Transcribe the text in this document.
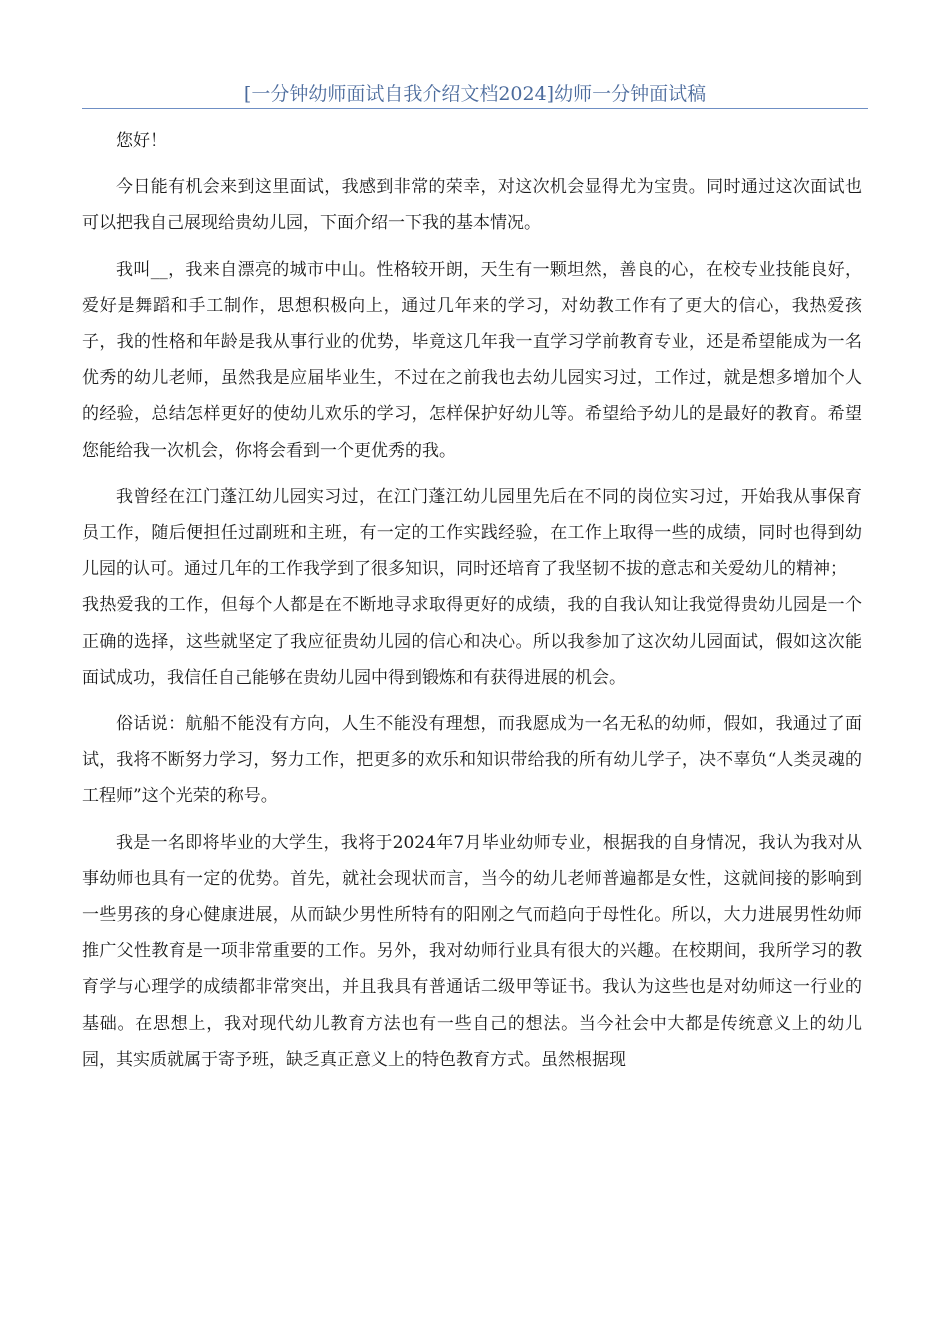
[一分钟幼师面试自我介绍文档2024]幼师一分钟面试稿

您好！

今日能有机会来到这里面试，我感到非常的荣幸，对这次机会显得尤为宝贵。同时通过这次面试也可以把我自己展现给贵幼儿园，下面介绍一下我的基本情况。

我叫__，我来自漂亮的城市中山。性格较开朗，天生有一颗坦然，善良的心，在校专业技能良好，爱好是舞蹈和手工制作，思想积极向上，通过几年来的学习，对幼教工作有了更大的信心，我热爱孩子，我的性格和年龄是我从事行业的优势，毕竟这几年我一直学习学前教育专业，还是希望能成为一名优秀的幼儿老师，虽然我是应届毕业生，不过在之前我也去幼儿园实习过，工作过，就是想多增加个人的经验，总结怎样更好的使幼儿欢乐的学习，怎样保护好幼儿等。希望给予幼儿的是最好的教育。希望您能给我一次机会，你将会看到一个更优秀的我。

我曾经在江门蓬江幼儿园实习过，在江门蓬江幼儿园里先后在不同的岗位实习过，开始我从事保育员工作，随后便担任过副班和主班，有一定的工作实践经验，在工作上取得一些的成绩，同时也得到幼儿园的认可。通过几年的工作我学到了很多知识，同时还培育了我坚韧不拔的意志和关爱幼儿的精神；

我热爱我的工作，但每个人都是在不断地寻求取得更好的成绩，我的自我认知让我觉得贵幼儿园是一个正确的选择，这些就坚定了我应征贵幼儿园的信心和决心。所以我参加了这次幼儿园面试，假如这次能面试成功，我信任自己能够在贵幼儿园中得到锻炼和有获得进展的机会。

俗话说：航船不能没有方向，人生不能没有理想，而我愿成为一名无私的幼师，假如，我通过了面试，我将不断努力学习，努力工作，把更多的欢乐和知识带给我的所有幼儿学子，决不辜负“人类灵魂的工程师”这个光荣的称号。

我是一名即将毕业的大学生，我将于2024年7月毕业幼师专业，根据我的自身情况，我认为我对从事幼师也具有一定的优势。首先，就社会现状而言，当今的幼儿老师普遍都是女性，这就间接的影响到一些男孩的身心健康进展，从而缺少男性所特有的阳刚之气而趋向于母性化。所以，大力进展男性幼师推广父性教育是一项非常重要的工作。另外，我对幼师行业具有很大的兴趣。在校期间，我所学习的教育学与心理学的成绩都非常突出，并且我具有普通话二级甲等证书。我认为这些也是对幼师这一行业的基础。在思想上，我对现代幼儿教育方法也有一些自己的想法。当今社会中大都是传统意义上的幼儿园，其实质就属于寄予班，缺乏真正意义上的特色教育方式。虽然根据现
